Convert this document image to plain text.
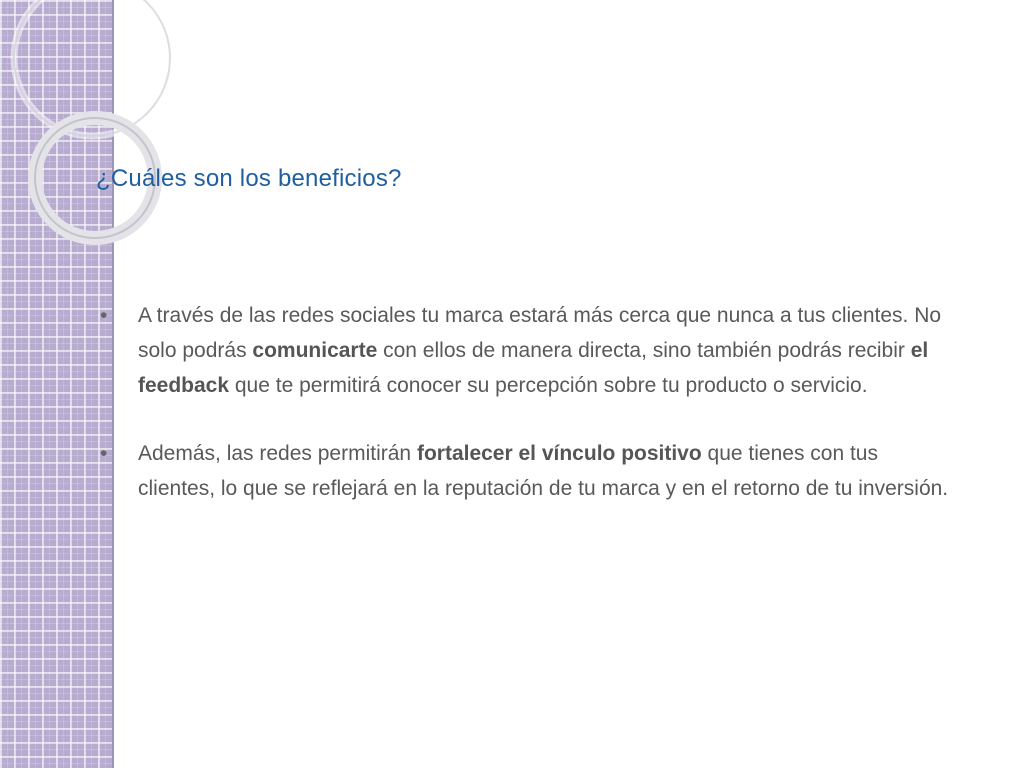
¿Cuáles son los beneficios?
•	A través de las redes sociales tu marca estará más cerca que nunca a tus clientes. No solo podrás comunicarte con ellos de manera directa, sino también podrás recibir el feedback que te permitirá conocer su percepción sobre tu producto o servicio.
•	Además, las redes permitirán fortalecer el vínculo positivo que tienes con tus clientes, lo que se reflejará en la reputación de tu marca y en el retorno de tu inversión.
